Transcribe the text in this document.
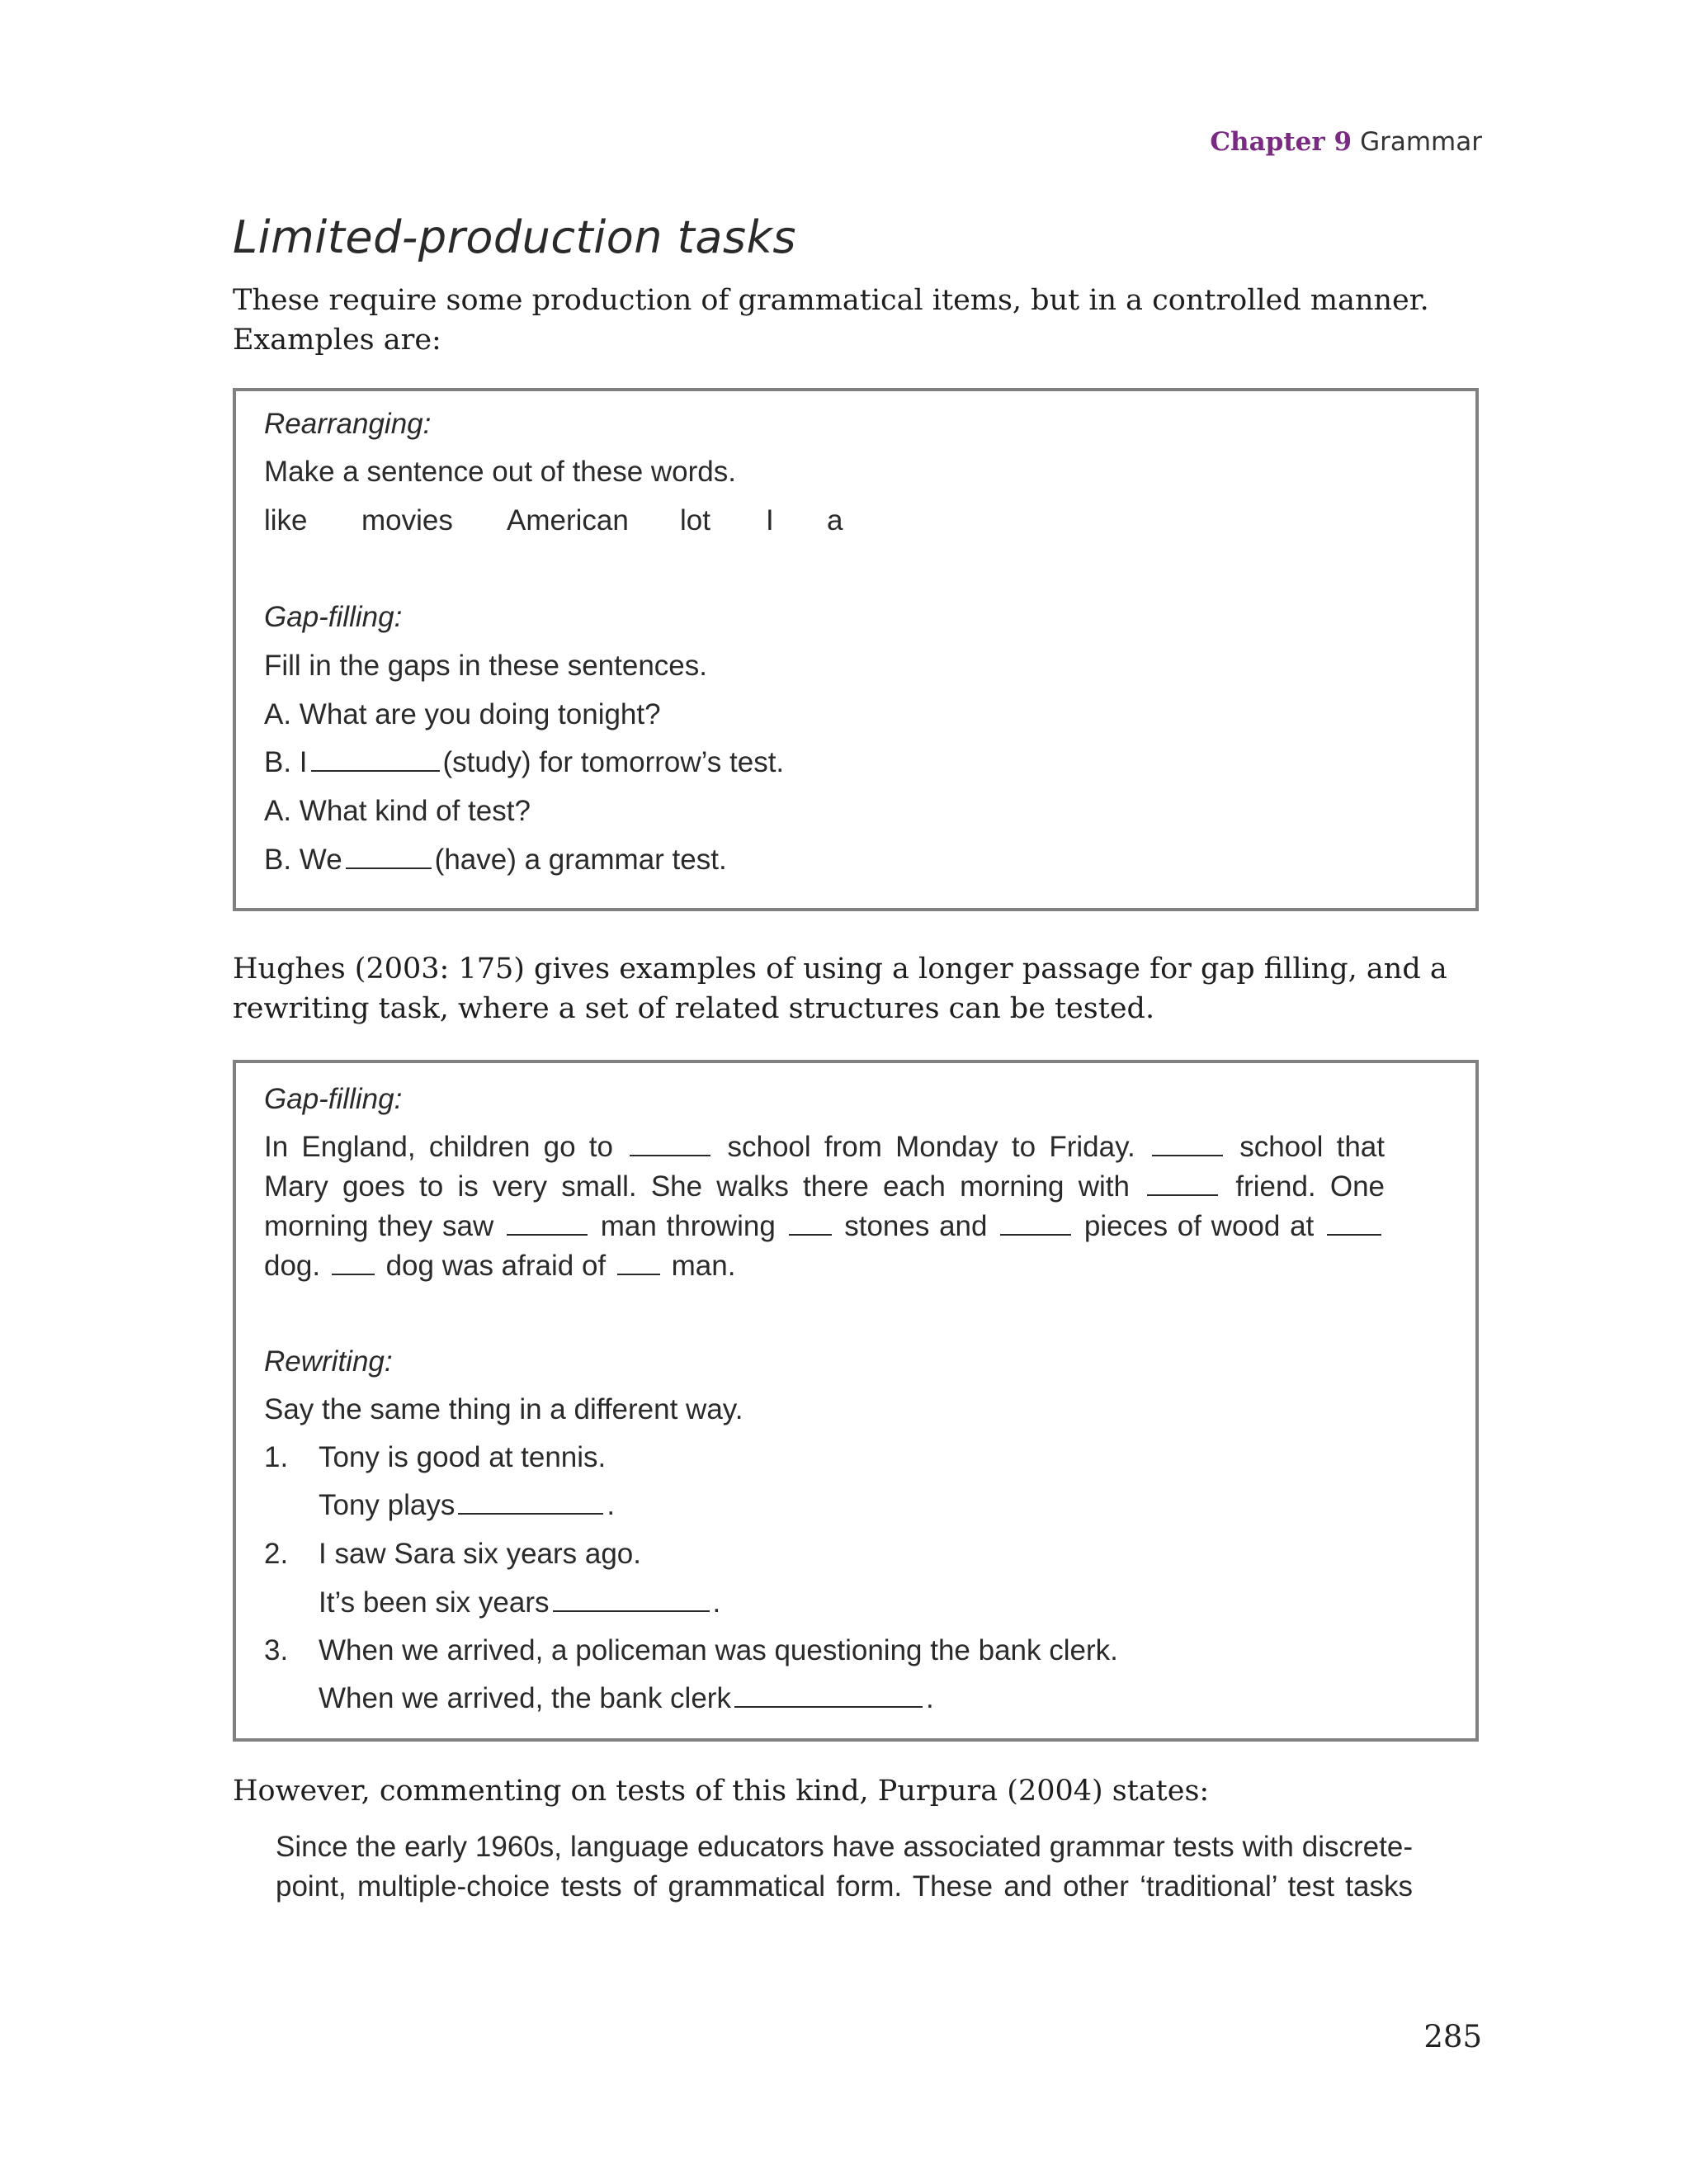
Chapter 9 Grammar
Limited-production tasks

These require some production of grammatical items, but in a controlled manner. Examples are:

Rearranging:
Make a sentence out of these words.
like movies American lot I a
Gap-filling:
Fill in the gaps in these sentences.
A. What are you doing tonight?
B. I	(study) for tomorrow’s test.
A. What kind of test?
B. We	(have) a grammar test.

Hughes (2003: 175) gives examples of using a longer passage for gap filling, and a rewriting task, where a set of related structures can be tested.

Gap-filling:
In England, children go to	school from Monday to Friday.	school that Mary goes to is very small. She walks there each morning with	friend. One morning they saw	man throwing stones and	pieces of wood at  dog. dog was afraid of man.
Rewriting:
Say the same thing in a different way.
1.	Tony is good at tennis.
Tony plays	.
2.	I saw Sara six years ago.
It’s been six years	.
3.	When we arrived, a policeman was questioning the bank clerk.
When we arrived, the bank clerk	.

However, commenting on tests of this kind, Purpura (2004) states:

Since the early 1960s, language educators have associated grammar tests with discrete-

point, multiple-choice tests of grammatical form. These and other ‘traditional’ test tasks

285
